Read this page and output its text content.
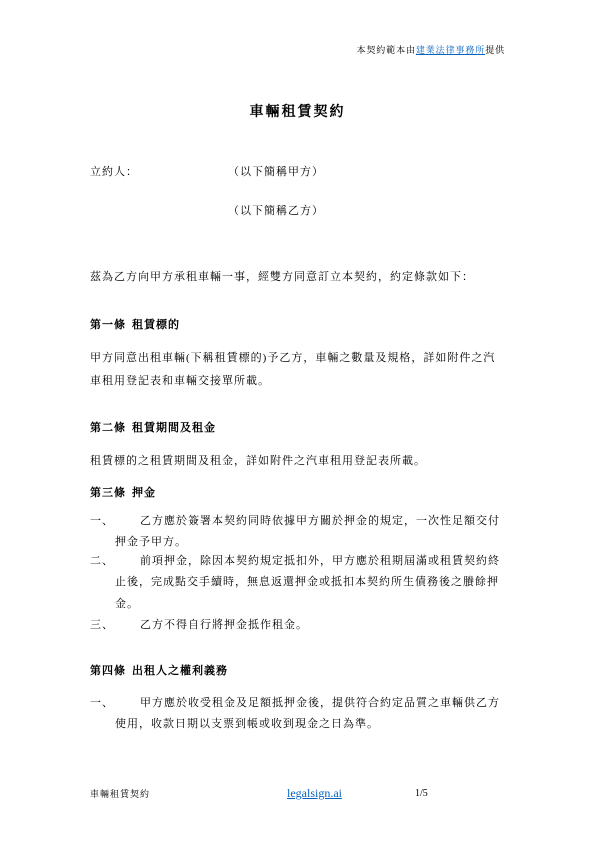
本契約範本由建業法律事務所提供
車輛租賃契約
立約人：	（以下簡稱甲方）
（以下簡稱乙方）
茲為乙方向甲方承租車輛一事，經雙方同意訂立本契約，約定條款如下：
第一條 租賃標的
甲方同意出租車輛(下稱租賃標的)予乙方，車輛之數量及規格，詳如附件之汽
車租用登記表和車輛交接單所載。
第二條 租賃期間及租金
租賃標的之租賃期間及租金，詳如附件之汽車租用登記表所載。
第三條 押金
一、 乙方應於簽署本契約同時依據甲方關於押金的規定，一次性足額交付
押金予甲方。
二、 前項押金，除因本契約規定抵扣外，甲方應於租期屆滿或租賃契約終
止後，完成點交手續時，無息返還押金或抵扣本契約所生債務後之賸餘押
金。
三、 乙方不得自行將押金抵作租金。
第四條 出租人之權利義務
一、 甲方應於收受租金及足額抵押金後，提供符合約定品質之車輛供乙方
使用，收款日期以支票到帳或收到現金之日為準。
車輛租賃契約	legalsign.ai	1/5
